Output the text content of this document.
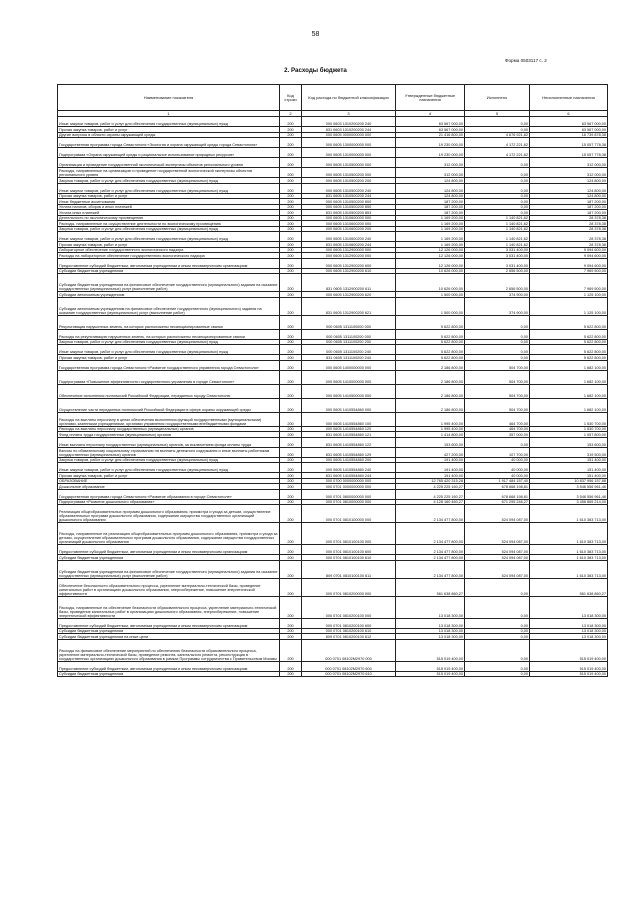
58
Форма 0503117 с. 2
2. Расходы бюджета
Наименование показателя	Код строки	Код расхода по бюджетной классификации	Утвержденные бюджетные назначения	Исполнено	Неисполненные назначения
1	2	3	4	5	6
Иные закупки товаров, работ и услуг для обеспечения государственных (муниципальных) нужд	200	000 0603 1310200200 240	63 567 000,00	0,00	63 567 000,00
Прочая закупка товаров, работ и услуг	200	831 0603 1310200200 244	63 567 000,00	0,00	63 567 000,00
Другие вопросы в области охраны окружающей среды	200	000 0605 0000000000 000	21 416 800,00	4 676 921,62	16 739 878,38
Государственная программа города Севастополя «Экология и охрана окружающей среды города Севастополя»	200	000 0605 1300000000 000	19 230 000,00	4 172 221,62	15 057 778,38
Подпрограмма «Охрана окружающей среды и рациональное использование природных ресурсов»	200	000 0605 1310000000 000	19 230 000,00	4 172 221,62	15 057 778,38
Организация и проведение государственной экологической экспертизы объектов регионального уровня	200	000 0605 1310500000 000	312 000,00	0,00	312 000,00
Расходы, направленные на организацию и проведение государственной экологической экспертизы объектов регионального уровня	200	000 0605 1310500200 000	312 000,00	0,00	312 000,00
Закупка товаров, работ и услуг для обеспечения государственных (муниципальных) нужд	200	000 0605 1310500200 200	124 800,00	0,00	124 800,00
Иные закупки товаров, работ и услуг для обеспечения государственных (муниципальных) нужд	200	000 0605 1310500200 240	124 800,00	0,00	124 800,00
Прочая закупка товаров, работ и услуг	200	831 0605 1310500200 244	124 800,00	0,00	124 800,00
Иные бюджетные ассигнования	200	000 0605 1310500200 800	187 200,00	0,00	187 200,00
Уплата налогов, сборов и иных платежей	200	000 0605 1310500200 850	187 200,00	0,00	187 200,00
Уплата иных платежей	200	831 0605 1310500200 853	187 200,00	0,00	187 200,00
Деятельность по экологическому просвещению	200	000 0605 1310600000 000	1 169 200,00	1 140 821,62	28 378,38
Расходы, направленные на осуществление деятельности по экологическому просвещению	200	000 0605 1310600200 000	1 169 200,00	1 140 821,62	28 378,38
Закупка товаров, работ и услуг для обеспечения государственных (муниципальных) нужд	200	000 0605 1310600200 200	1 169 200,00	1 140 821,62	28 378,38
Иные закупки товаров, работ и услуг для обеспечения государственных (муниципальных) нужд	200	000 0605 1310600200 240	1 169 200,00	1 140 821,62	28 378,38
Прочая закупка товаров, работ и услуг	200	831 0605 1310600200 244	1 169 200,00	1 140 821,62	28 378,38
Лабораторное обеспечение государственного экологического надзора	200	000 0605 1312900000 000	12 126 000,00	3 031 400,00	9 094 600,00
Расходы на лабораторное обеспечение государственного экологического надзора	200	000 0605 1312900200 000	12 126 000,00	3 031 400,00	9 094 600,00
Предоставление субсидий бюджетным, автономным учреждениям и иным некоммерческим организациям	200	000 0605 1312900200 600	12 126 000,00	3 031 400,00	9 094 600,00
Субсидии бюджетным учреждениям	200	000 0605 1312900200 610	10 626 000,00	2 656 500,00	7 969 500,00
Субсидии бюджетным учреждениям на финансовое обеспечение государственного (муниципального) задания на оказание государственных (муниципальных) услуг (выполнение работ)	200	831 0605 1312900200 611	10 626 000,00	2 656 500,00	7 969 500,00
Субсидии автономным учреждениям	200	000 0605 1312900200 620	1 500 000,00	374 900,00	1 125 100,00
Субсидии автономным учреждениям на финансовое обеспечение государственного (муниципального) задания на оказание государственных (муниципальных) услуг (выполнение работ)	200	831 0605 1312900200 621	1 500 000,00	374 900,00	1 125 100,00
Рекультивация нарушенных земель, на которых расположены несанкционированные свалки	200	000 0605 1311100000 000	5 622 800,00	0,00	5 622 800,00
Расходы на рекультивацию нарушенных земель, на которых расположены несанкционированные свалки	200	000 0605 1311100200 000	5 622 800,00	0,00	5 622 800,00
Закупка товаров, работ и услуг для обеспечения государственных (муниципальных) нужд	200	000 0605 1311100200 200	5 622 800,00	0,00	5 622 800,00
Иные закупки товаров, работ и услуг для обеспечения государственных (муниципальных) нужд	200	000 0605 1311100200 240	5 622 800,00	0,00	5 622 800,00
Прочая закупка товаров, работ и услуг	200	831 0605 1311100200 244	5 622 800,00	0,00	5 622 800,00
Государственная программа города Севастополя «Развитие государственного управления города Севастополя»	200	000 0605 1400000000 000	2 186 800,00	504 700,00	1 682 100,00
Подпрограмма «Повышение эффективности государственного управления в городе Севастополе»	200	000 0605 1410000000 000	2 186 800,00	504 700,00	1 682 100,00
Обеспечение исполнения полномочий Российской Федерации, переданных городу Севастополю	200	000 0605 1410500000 000	2 186 800,00	504 700,00	1 682 100,00
Осуществление части переданных полномочий Российской Федерации в сфере охраны окружающей среды	200	000 0605 1410554860 000	2 186 800,00	504 700,00	1 682 100,00
Расходы на выплаты персоналу в целях обеспечения выполнения функций государственными (муниципальными) органами, казенными учреждениями, органами управления государственными внебюджетными фондами	200	000 0605 1410554860 100	1 995 400,00	464 700,00	1 530 700,00
Расходы на выплаты персоналу государственных (муниципальных) органов	200	000 0605 1410554860 120	1 995 400,00	464 700,00	1 530 700,00
Фонд оплаты труда государственных (муниципальных) органов	200	831 0605 1410554860 121	1 414 800,00	357 000,00	1 057 800,00
Иные выплаты персоналу государственных (муниципальных) органов, за исключением фонда оплаты труда	200	831 0605 1410554860 122	153 600,00	0,00	153 600,00
Взносы по обязательному социальному страхованию на выплаты денежного содержания и иные выплаты работникам государственных (муниципальных) органов	200	831 0605 1410554860 129	427 200,00	107 700,00	319 500,00
Закупка товаров, работ и услуг для обеспечения государственных (муниципальных) нужд	200	000 0605 1410554860 200	191 400,00	40 000,00	151 400,00
Иные закупки товаров, работ и услуг для обеспечения государственных (муниципальных) нужд	200	000 0605 1410554860 240	191 400,00	40 000,00	151 400,00
Прочая закупка товаров, работ и услуг	200	831 0605 1410554860 244	191 400,00	40 000,00	151 400,00
ОБРАЗОВАНИЕ	200	000 0700 0000000000 000	12 765 420 315,28	1 917 484 157,40	10 837 956 157,88
Дошкольное образование	200	000 0701 0000000000 000	4 225 225 160,27	678 668 198,81	3 546 556 961,46
Государственная программа города Севастополя «Развитие образования в городе Севастополе»	200	000 0701 0800000000 000	4 225 225 160,27	678 668 198,81	3 546 556 961,46
Подпрограмма «Развитие дошкольного образования»	200	000 0701 0810000000 000	4 128 160 460,27	671 295 246,27	3 456 865 214,00
Реализация общеобразовательных программ дошкольного образования, присмотра и ухода за детьми, осуществление образовательных программ дошкольного образования, содержание имущества государственных организаций дошкольного образования	200	000 0701 0810100000 000	2 134 477 800,00	524 094 087,00	1 610 383 713,00
Расходы, направленные на реализацию общеобразовательных программ дошкольного образования, присмотра и ухода за детьми, осуществление образовательных программ дошкольного образования, содержание имущества государственных организаций дошкольного образования	200	000 0701 0810100100 000	2 134 477 800,00	524 094 087,00	1 610 383 713,00
Предоставление субсидий бюджетным, автономным учреждениям и иным некоммерческим организациям	200	000 0701 0810100100 600	2 134 477 800,00	524 094 087,00	1 610 383 713,00
Субсидии бюджетным учреждениям	200	000 0701 0810100100 610	2 134 477 800,00	524 094 087,00	1 610 383 713,00
Субсидии бюджетным учреждениям на финансовое обеспечение государственного (муниципального) задания на оказание государственных (муниципальных) услуг (выполнение работ)	200	809 0701 0810100100 611	2 134 477 800,00	524 094 087,00	1 610 383 713,00
Обеспечение безопасности образовательного процесса, укрепление материально-технической базы, проведение капитальных работ в организациях дошкольного образования, энергосбережение, повышение энергетической эффективности	200	000 0701 0810200000 000	561 638 860,27	0,00	561 638 860,27
Расходы, направленные на обеспечение безопасности образовательного процесса, укрепление материально-технической базы, проведение капитальных работ в организациях дошкольного образования, энергосбережение, повышение энергетической эффективности	200	000 0701 0810200100 000	13 018 300,00	0,00	13 018 300,00
Предоставление субсидий бюджетным, автономным учреждениям и иным некоммерческим организациям	200	000 0701 0810200100 600	13 018 300,00	0,00	13 018 300,00
Субсидии бюджетным учреждениям	200	000 0701 0810200100 610	13 018 300,00	0,00	13 018 300,00
Субсидии бюджетным учреждениям на иные цели	200	809 0701 0810200100 612	13 018 300,00	0,00	13 018 300,00
Расходы на финансовое обеспечение мероприятий по обеспечению безопасности образовательного процесса, укрепление материально-технической базы, проведение ремонта, капитального ремонта, реконструкция в государственных организациях дошкольного образования в рамках Программы сотрудничества с Правительством Москвы	200	000 0701 08102М2970 000	515 019 400,00	0,00	515 019 400,00
Предоставление субсидий бюджетным, автономным учреждениям и иным некоммерческим организациям	200	000 0701 08102М2970 600	515 019 400,00	0,00	515 019 400,00
Субсидии бюджетным учреждениям	200	000 0701 08102М2970 610	515 019 400,00	0,00	515 019 400,00
